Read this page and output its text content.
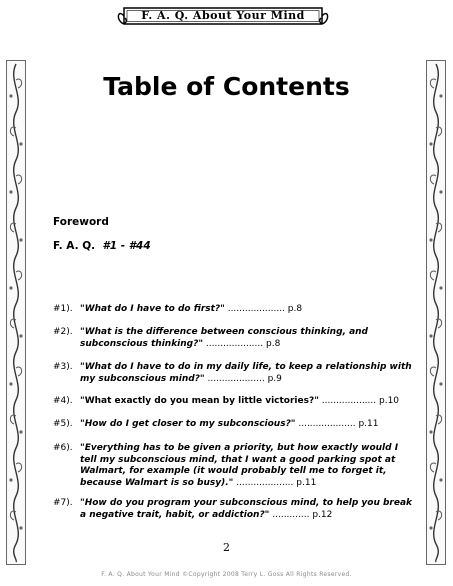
F. A. Q. About Your Mind
Table of Contents
Foreword
F. A. Q. #1 - #44
#1). "What do I have to do first?" .................... p.8
#2). "What is the difference between conscious thinking, and subconscious thinking?" .................... p.8
#3). "What do I have to do in my daily life, to keep a relationship with my subconscious mind?" .................... p.9
#4). "What exactly do you mean by little victories?" ................... p.10
#5). "How do I get closer to my subconscious?" .................... p.11
#6). "Everything has to be given a priority, but how exactly would I tell my subconscious mind, that I want a good parking spot at Walmart, for example (it would probably tell me to forget it, because Walmart is so busy)." .................... p.11
#7). "How do you program your subconscious mind, to help you break a negative trait, habit, or addiction?" ............. p.12
2
F. A. Q. About Your Mind ©Copyright 2008 Terry L. Goss All Rights Reserved.
